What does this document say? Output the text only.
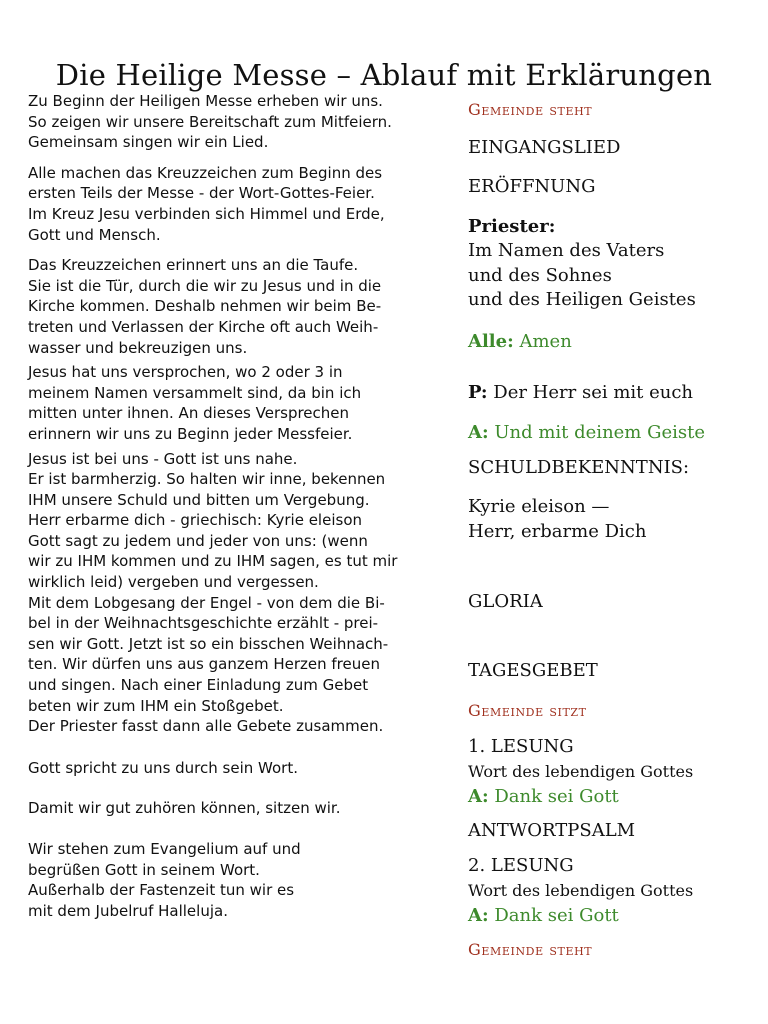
Die Heilige Messe – Ablauf mit Erklärungen

Zu Beginn der Heiligen Messe erheben wir uns.
So zeigen wir unsere Bereitschaft zum Mitfeiern.
Gemeinsam singen wir ein Lied.

Alle machen das Kreuzzeichen zum Beginn des
ersten Teils der Messe - der Wort-Gottes-Feier.
Im Kreuz Jesu verbinden sich Himmel und Erde,
Gott und Mensch.

Das Kreuzzeichen erinnert uns an die Taufe.
Sie ist die Tür, durch die wir zu Jesus und in die
Kirche kommen. Deshalb nehmen wir beim Be-
treten und Verlassen der Kirche oft auch Weih-
wasser und bekreuzigen uns.

Jesus hat uns versprochen, wo 2 oder 3 in
meinem Namen versammelt sind, da bin ich
mitten unter ihnen. An dieses Versprechen
erinnern wir uns zu Beginn jeder Messfeier.

Jesus ist bei uns - Gott ist uns nahe.
Er ist barmherzig. So halten wir inne, bekennen
IHM unsere Schuld und bitten um Vergebung.
Herr erbarme dich - griechisch: Kyrie eleison
Gott sagt zu jedem und jeder von uns: (wenn
wir zu IHM kommen und zu IHM sagen, es tut mir
wirklich leid) vergeben und vergessen.
Mit dem Lobgesang der Engel - von dem die Bi-
bel in der Weihnachtsgeschichte erzählt - prei-
sen wir Gott. Jetzt ist so ein bisschen Weihnach-
ten. Wir dürfen uns aus ganzem Herzen freuen
und singen. Nach einer Einladung zum Gebet
beten wir zum IHM ein Stoßgebet.
Der Priester fasst dann alle Gebete zusammen.

Gott spricht zu uns durch sein Wort.

Damit wir gut zuhören können, sitzen wir.

Wir stehen zum Evangelium auf und
begrüßen Gott in seinem Wort.
Außerhalb der Fastenzeit tun wir es
mit dem Jubelruf Halleluja.

Gemeinde steht
EINGANGSLIED
ERÖFFNUNG
Priester:
Im Namen des Vaters
und des Sohnes
und des Heiligen Geistes
Alle: Amen
P: Der Herr sei mit euch
A: Und mit deinem Geiste
SCHULDBEKENNTNIS:
Kyrie eleison —
Herr, erbarme Dich
GLORIA
TAGESGEBET
Gemeinde sitzt
1. LESUNG
Wort des lebendigen Gottes
A: Dank sei Gott
ANTWORTPSALM
2. LESUNG
Wort des lebendigen Gottes
A: Dank sei Gott
Gemeinde steht
